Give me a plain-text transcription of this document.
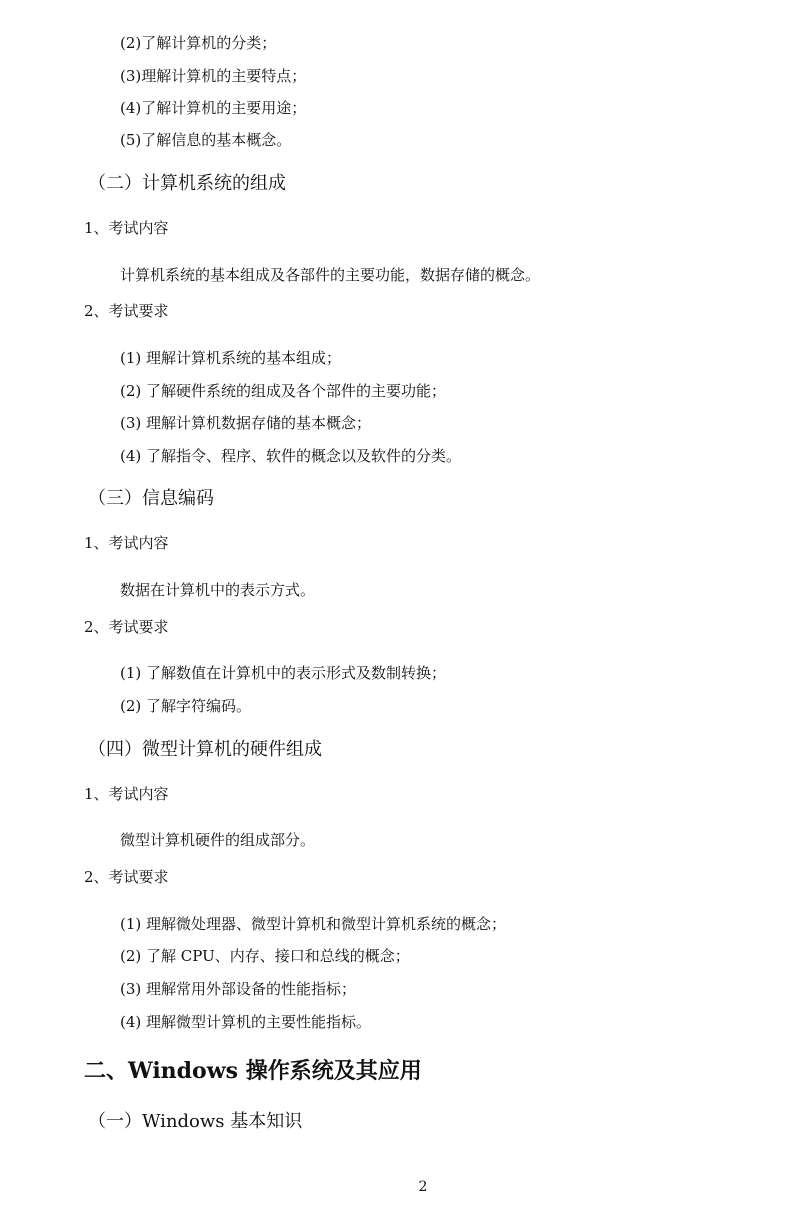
(2)了解计算机的分类；
(3)理解计算机的主要特点；
(4)了解计算机的主要用途；
(5)了解信息的基本概念。
（二）计算机系统的组成
1、考试内容
计算机系统的基本组成及各部件的主要功能，数据存储的概念。
2、考试要求
(1) 理解计算机系统的基本组成；
(2) 了解硬件系统的组成及各个部件的主要功能；
(3) 理解计算机数据存储的基本概念；
(4) 了解指令、程序、软件的概念以及软件的分类。
（三）信息编码
1、考试内容
数据在计算机中的表示方式。
2、考试要求
(1) 了解数值在计算机中的表示形式及数制转换；
(2) 了解字符编码。
（四）微型计算机的硬件组成
1、考试内容
微型计算机硬件的组成部分。
2、考试要求
(1) 理解微处理器、微型计算机和微型计算机系统的概念；
(2) 了解 CPU、内存、接口和总线的概念；
(3) 理解常用外部设备的性能指标；
(4) 理解微型计算机的主要性能指标。
二、Windows 操作系统及其应用
（一）Windows 基本知识
2
